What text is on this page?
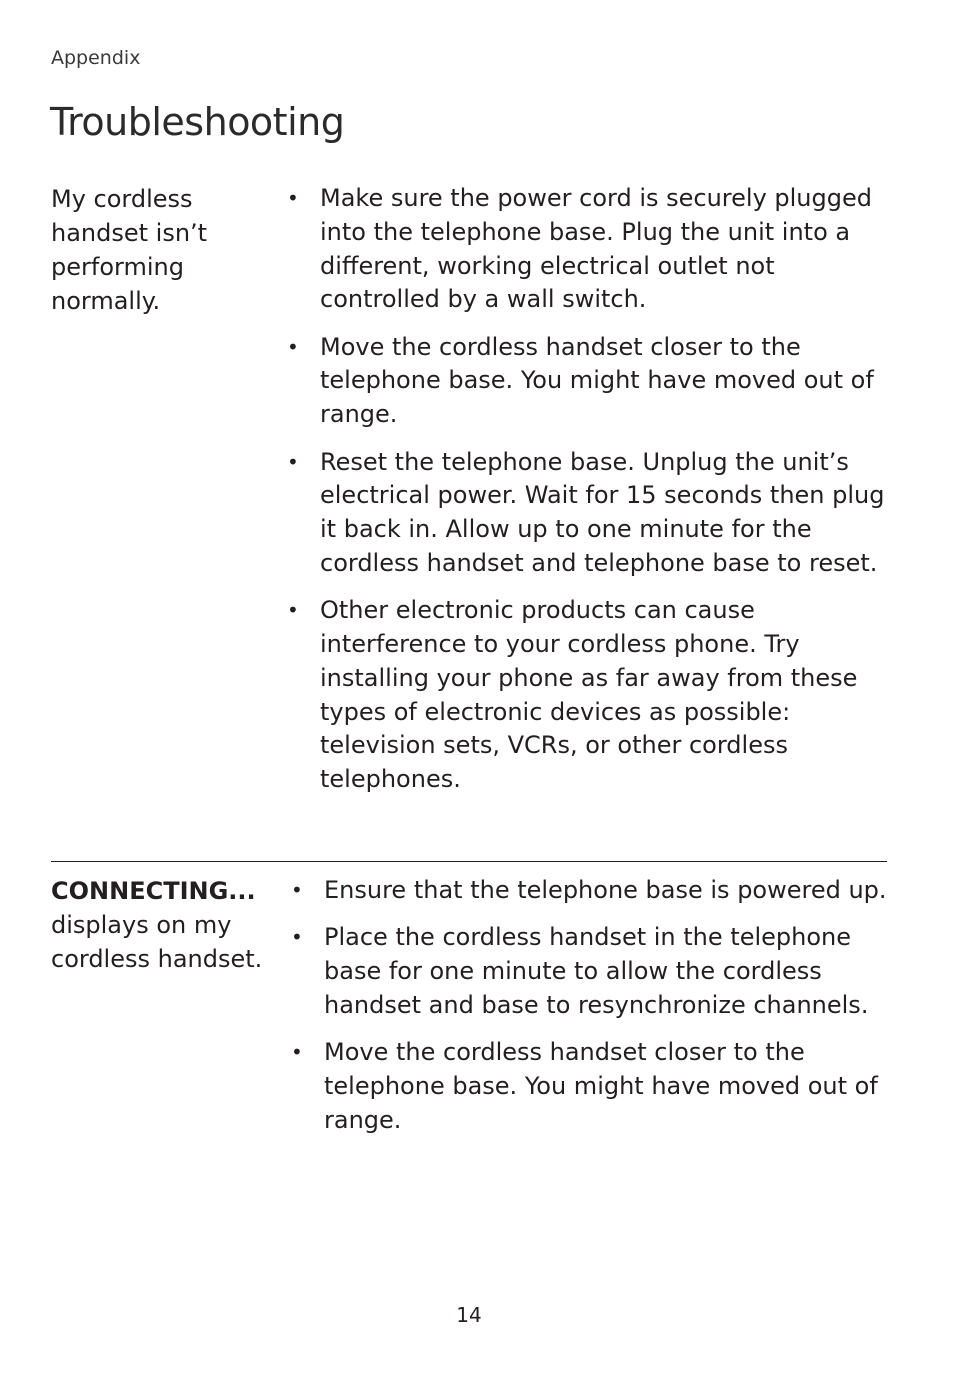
Appendix
Troubleshooting
My cordless handset isn’t performing normally.
• Make sure the power cord is securely plugged into the telephone base. Plug the unit into a different, working electrical outlet not controlled by a wall switch.
• Move the cordless handset closer to the telephone base. You might have moved out of range.
• Reset the telephone base. Unplug the unit’s electrical power. Wait for 15 seconds then plug it back in. Allow up to one minute for the cordless handset and telephone base to reset.
• Other electronic products can cause interference to your cordless phone. Try installing your phone as far away from these types of electronic devices as possible: television sets, VCRs, or other cordless telephones.
CONNECTING... displays on my cordless handset.
• Ensure that the telephone base is powered up.
• Place the cordless handset in the telephone base for one minute to allow the cordless handset and base to resynchronize channels.
• Move the cordless handset closer to the telephone base. You might have moved out of range.
14
